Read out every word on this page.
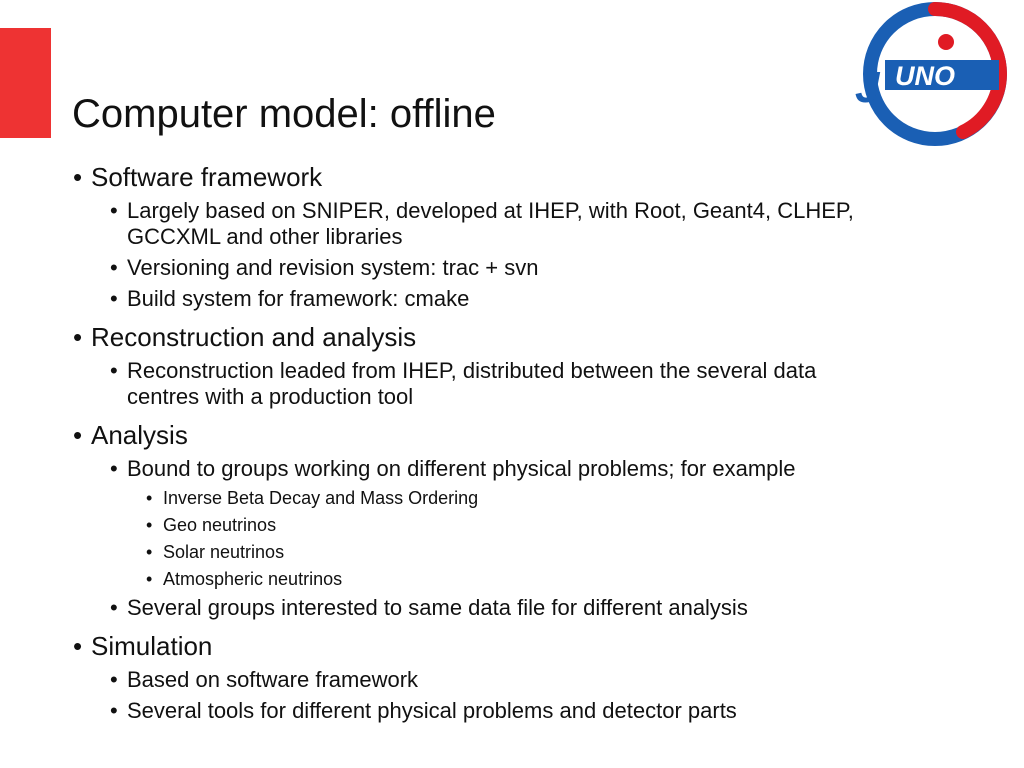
J UNO
Computer model: offline
• Software framework
• Largely based on SNIPER, developed at IHEP, with Root, Geant4, CLHEP,
GCCXML and other libraries
• Versioning and revision system: trac + svn
• Build system for framework: cmake
• Reconstruction and analysis
• Reconstruction leaded from IHEP, distributed between the several data
centres with a production tool
• Analysis
• Bound to groups working on different physical problems; for example
• Inverse Beta Decay and Mass Ordering
• Geo neutrinos
• Solar neutrinos
• Atmospheric neutrinos
• Several groups interested to same data file for different analysis
• Simulation
• Based on software framework
• Several tools for different physical problems and detector parts
